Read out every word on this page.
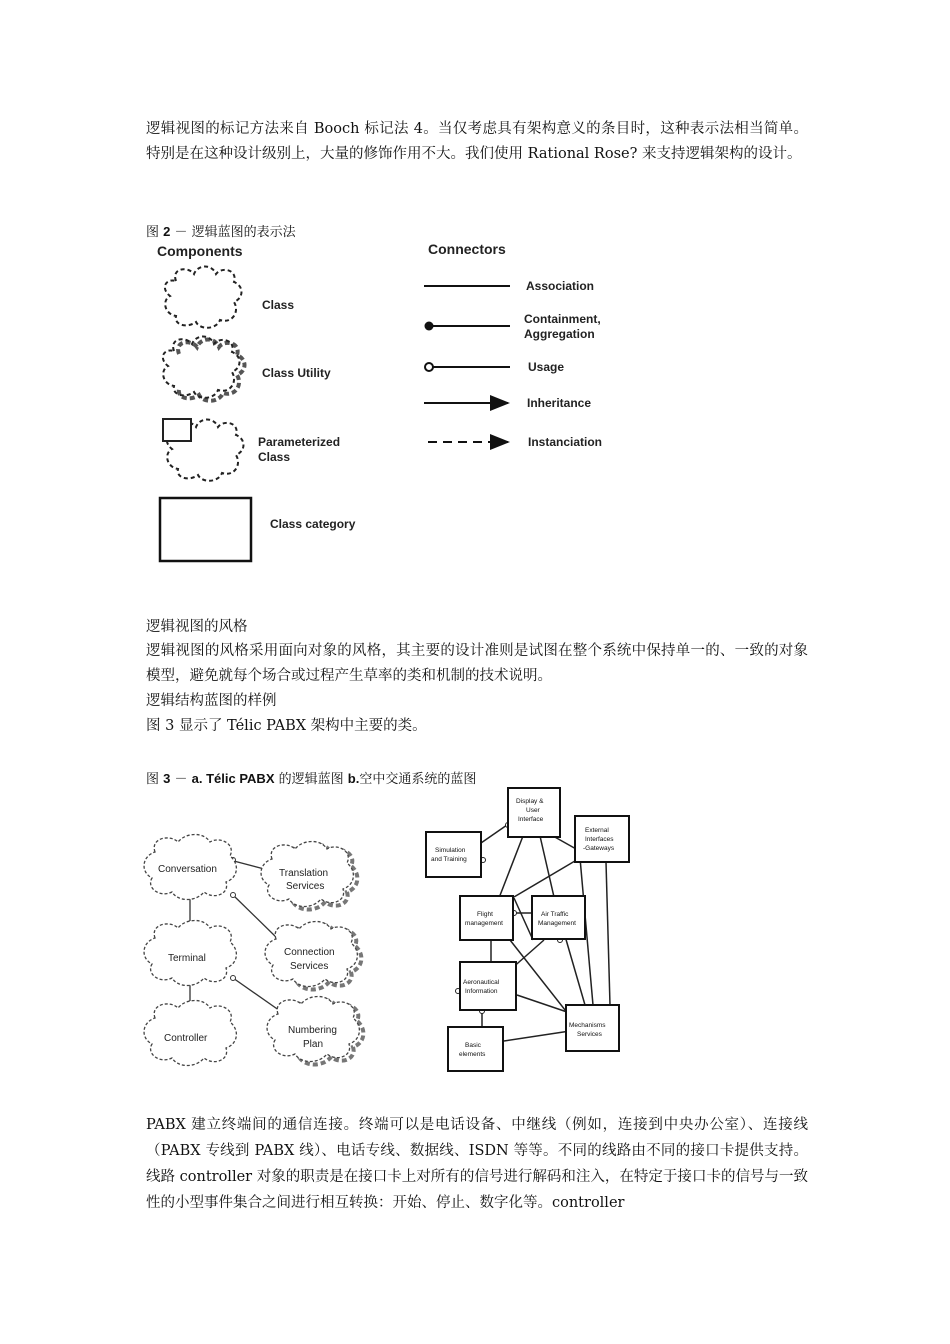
逻辑视图的标记方法来自 Booch 标记法 4。当仅考虑具有架构意义的条目时，这种表示法相当简单。特别是在这种设计级别上，大量的修饰作用不大。我们使用 Rational Rose? 来支持逻辑架构的设计。
图 2 － 逻辑蓝图的表示法
Components	Connectors
Class
Class Utility
Parameterized
Class
Class category
Association
Containment,
Aggregation
Usage
Inheritance
Instanciation
逻辑视图的风格
逻辑视图的风格采用面向对象的风格，其主要的设计准则是试图在整个系统中保持单一的、一致的对象模型，避免就每个场合或过程产生草率的类和机制的技术说明。
逻辑结构蓝图的样例
图 3 显示了 Télic PABX 架构中主要的类。
图 3 － a. Télic PABX 的逻辑蓝图 b.空中交通系统的蓝图
Conversation	Translation
Services
Terminal
Connection
Services
Controller
Numbering
Plan
Display &
User
Interface
Simulation
and Training
External
Interfaces
-Gateways
Flight
management
Air Traffic
Management
Aeronautical
Information
Mechanisms
Services
Basic
elements
PABX 建立终端间的通信连接。终端可以是电话设备、中继线（例如，连接到中央办公室）、连接线（PABX 专线到 PABX 线）、电话专线、数据线、ISDN 等等。不同的线路由不同的接口卡提供支持。线路 controller 对象的职责是在接口卡上对所有的信号进行解码和注入，在特定于接口卡的信号与一致性的小型事件集合之间进行相互转换：开始、停止、数字化等。controller
